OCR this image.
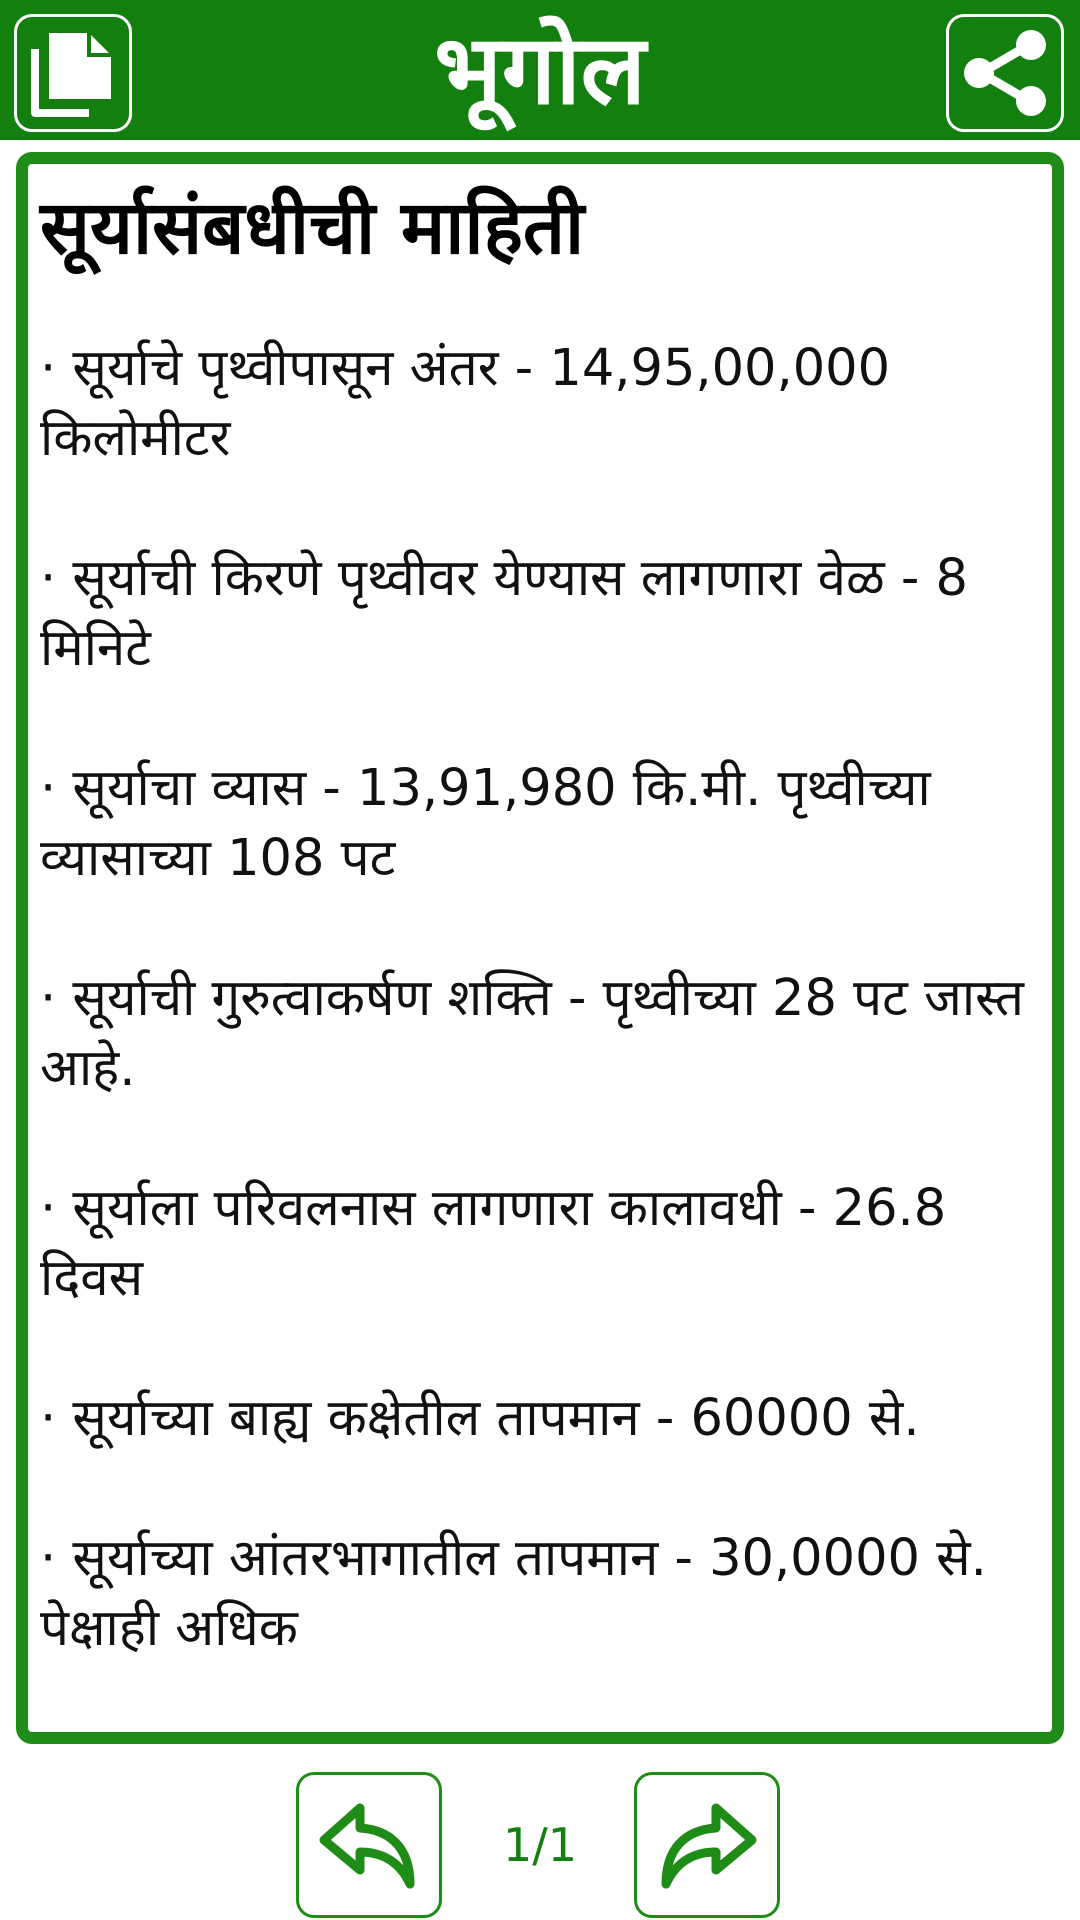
भूगोल
सूर्यासंबधीची माहिती
· सूर्याचे पृथ्वीपासून अंतर - 14,95,00,000 किलोमीटर
· सूर्याची किरणे पृथ्वीवर येण्यास लागणारा वेळ - 8 मिनिटे
· सूर्याचा व्यास - 13,91,980 कि.मी. पृथ्वीच्या व्यासाच्या 108 पट
· सूर्याची गुरुत्वाकर्षण शक्ति - पृथ्वीच्या 28 पट जास्त आहे.
· सूर्याला परिवलनास लागणारा कालावधी - 26.8 दिवस
· सूर्याच्या बाह्य कक्षेतील तापमान - 60000 से.
· सूर्याच्या आंतरभागातील तापमान - 30,0000 से. पेक्षाही अधिक
1/1
